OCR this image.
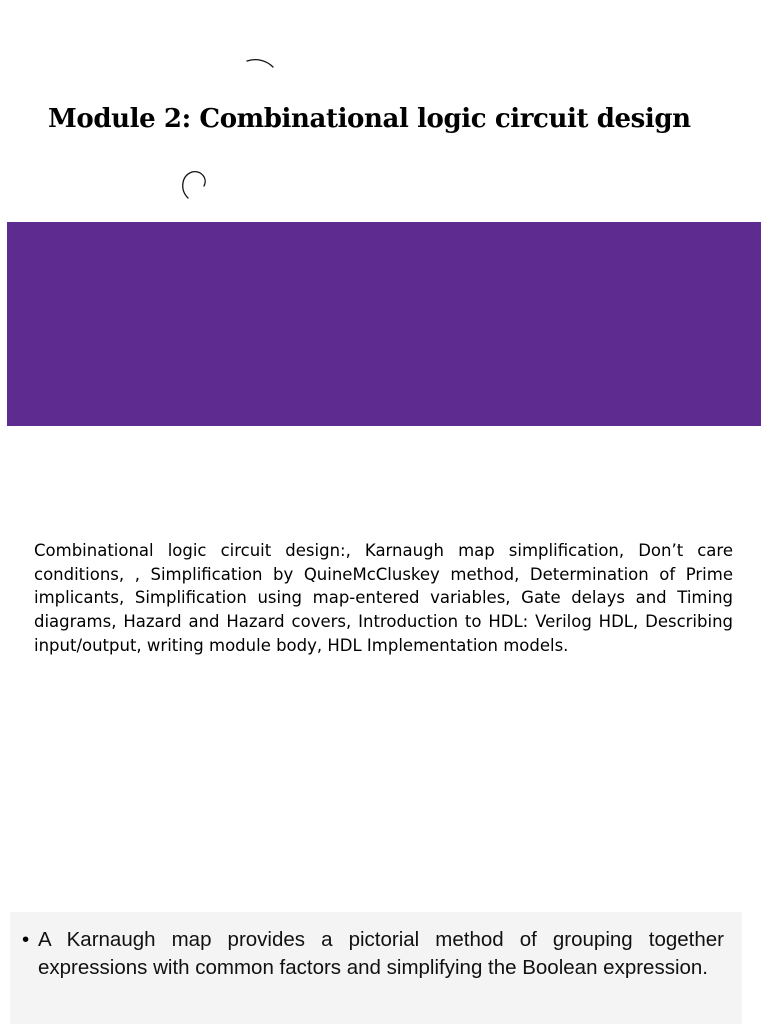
Module 2: Combinational logic circuit design

Combinational logic circuit design:, Karnaugh map simplification, Don’t care conditions, , Simplification by QuineMcCluskey method, Determination of Prime implicants, Simplification using map-entered variables, Gate delays and Timing diagrams, Hazard and Hazard covers, Introduction to HDL: Verilog HDL, Describing input/output, writing module body, HDL Implementation models.

• A Karnaugh map provides a pictorial method of grouping together expressions with common factors and simplifying the Boolean expression.
